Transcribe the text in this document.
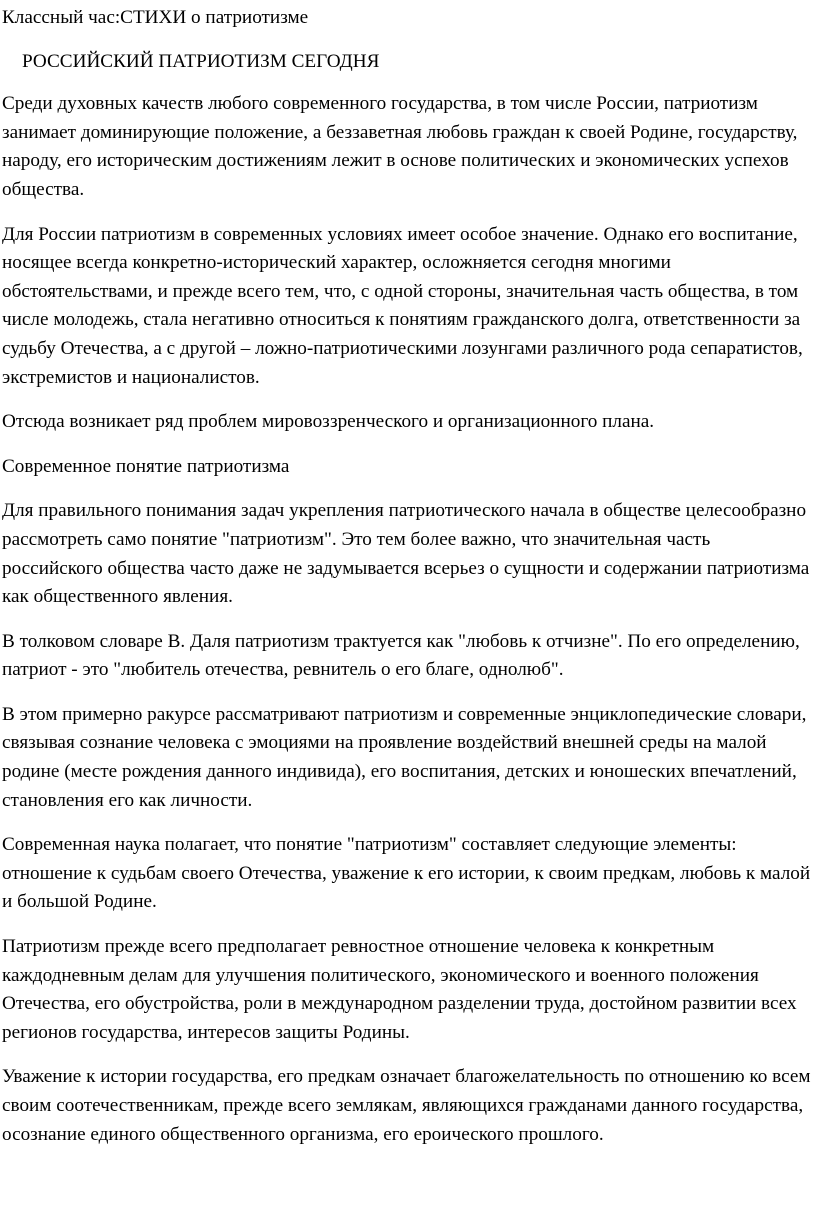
Классный час:СТИХИ о патриотизме
РОССИЙСКИЙ ПАТРИОТИЗМ СЕГОДНЯ

Среди духовных качеств любого современного государства, в том числе России, патриотизм занимает доминирующие положение, а беззаветная любовь граждан к своей Родине, государству, народу, его историческим достижениям лежит в основе политических и экономических успехов общества.

Для России патриотизм в современных условиях имеет особое значение. Однако его воспитание, носящее всегда конкретно-исторический характер, осложняется сегодня многими обстоятельствами, и прежде всего тем, что, с одной стороны, значительная часть общества, в том числе молодежь, стала негативно относиться к понятиям гражданского долга, ответственности за судьбу Отечества, а с другой – ложно-патриотическими лозунгами различного рода сепаратистов, экстремистов и националистов.

Отсюда возникает ряд проблем мировоззренческого и организационного плана.

Современное понятие патриотизма

Для правильного понимания задач укрепления патриотического начала в обществе целесообразно рассмотреть само понятие "патриотизм". Это тем более важно, что значительная часть российского общества часто даже не задумывается всерьез о сущности и содержании патриотизма как общественного явления.

В толковом словаре В. Даля патриотизм трактуется как "любовь к отчизне". По его определению, патриот - это "любитель отечества, ревнитель о его благе, однолюб".

В этом примерно ракурсе рассматривают патриотизм и современные энциклопедические словари, связывая сознание человека с эмоциями на проявление воздействий внешней среды на малой родине (месте рождения данного индивида), его воспитания, детских и юношеских впечатлений, становления его как личности.

Современная наука полагает, что понятие "патриотизм" составляет следующие элементы: отношение к судьбам своего Отечества, уважение к его истории, к своим предкам, любовь к малой и большой Родине.

Патриотизм прежде всего предполагает ревностное отношение человека к конкретным каждодневным делам для улучшения политического, экономического и военного положения Отечества, его обустройства, роли в международном разделении труда, достойном развитии всех регионов государства, интересов защиты Родины.

Уважение к истории государства, его предкам означает благожелательность по отношению ко всем своим соотечественникам, прежде всего землякам, являющихся гражданами данного государства, осознание единого общественного организма, его ероического прошлого.
